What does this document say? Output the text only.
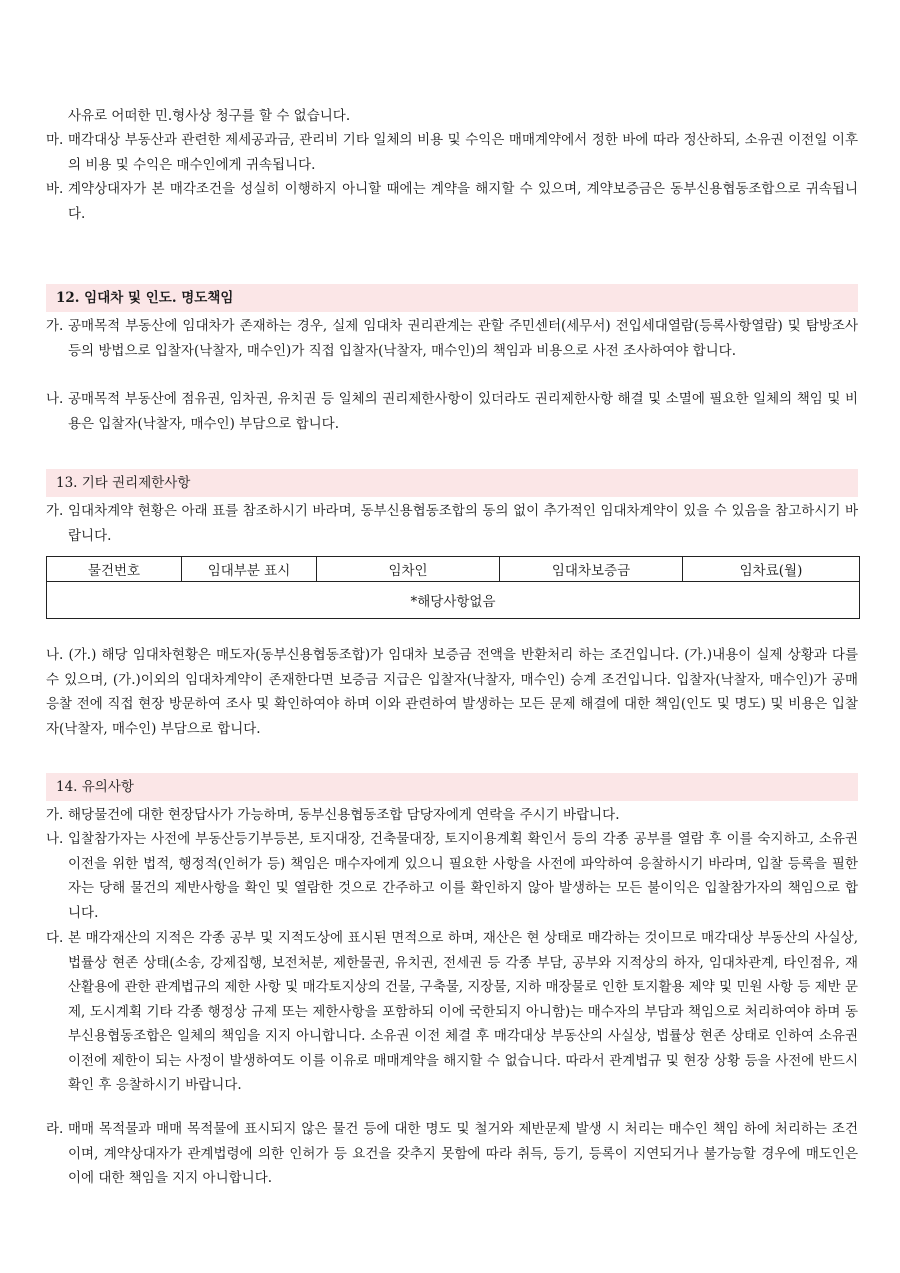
사유로 어떠한 민.형사상 청구를 할 수 없습니다.
마. 매각대상 부동산과 관련한 제세공과금, 관리비 기타 일체의 비용 및 수익은 매매계약에서 정한 바에 따라 정산하되, 소유권 이전일 이후의 비용 및 수익은 매수인에게 귀속됩니다.
바. 계약상대자가 본 매각조건을 성실히 이행하지 아니할 때에는 계약을 해지할 수 있으며, 계약보증금은 동부신용협동조합으로 귀속됩니다.
12. 임대차 및 인도. 명도책임
가. 공매목적 부동산에 임대차가 존재하는 경우, 실제 임대차 권리관계는 관할 주민센터(세무서) 전입세대열람(등록사항열람) 및 탐방조사 등의 방법으로 입찰자(낙찰자, 매수인)가 직접 입찰자(낙찰자, 매수인)의 책임과 비용으로 사전 조사하여야 합니다.
나. 공매목적 부동산에 점유권, 임차권, 유치권 등 일체의 권리제한사항이 있더라도 권리제한사항 해결 및 소멸에 필요한 일체의 책임 및 비용은 입찰자(낙찰자, 매수인) 부담으로 합니다.
13. 기타 권리제한사항
가. 임대차계약 현황은 아래 표를 참조하시기 바라며, 동부신용협동조합의 동의 없이 추가적인 임대차계약이 있을 수 있음을 참고하시기 바랍니다.
물건번호	임대부분 표시	임차인	임대차보증금	임차료(월)
*해당사항없음
나. (가.) 해당 임대차현황은 매도자(동부신용협동조합)가 임대차 보증금 전액을 반환처리 하는 조건입니다. (가.)내용이 실제 상황과 다를 수 있으며, (가.)이외의 임대차계약이 존재한다면 보증금 지급은 입찰자(낙찰자, 매수인) 승계 조건입니다. 입찰자(낙찰자, 매수인)가 공매응찰 전에 직접 현장 방문하여 조사 및 확인하여야 하며 이와 관련하여 발생하는 모든 문제 해결에 대한 책임(인도 및 명도) 및 비용은 입찰자(낙찰자, 매수인) 부담으로 합니다.
14. 유의사항
가. 해당물건에 대한 현장답사가 가능하며, 동부신용협동조합 담당자에게 연락을 주시기 바랍니다.
나. 입찰참가자는 사전에 부동산등기부등본, 토지대장, 건축물대장, 토지이용계획 확인서 등의 각종 공부를 열람 후 이를 숙지하고, 소유권 이전을 위한 법적, 행정적(인허가 등) 책임은 매수자에게 있으니 필요한 사항을 사전에 파악하여 응찰하시기 바라며, 입찰 등록을 필한 자는 당해 물건의 제반사항을 확인 및 열람한 것으로 간주하고 이를 확인하지 않아 발생하는 모든 불이익은 입찰참가자의 책임으로 합니다.
다. 본 매각재산의 지적은 각종 공부 및 지적도상에 표시된 면적으로 하며, 재산은 현 상태로 매각하는 것이므로 매각대상 부동산의 사실상, 법률상 현존 상태(소송, 강제집행, 보전처분, 제한물권, 유치권, 전세권 등 각종 부담, 공부와 지적상의 하자, 임대차관계, 타인점유, 재산활용에 관한 관계법규의 제한 사항 및 매각토지상의 건물, 구축물, 지장물, 지하 매장물로 인한 토지활용 제약 및 민원 사항 등 제반 문제, 도시계획 기타 각종 행정상 규제 또는 제한사항을 포함하되 이에 국한되지 아니함)는 매수자의 부담과 책임으로 처리하여야 하며 동부신용협동조합은 일체의 책임을 지지 아니합니다. 소유권 이전 체결 후 매각대상 부동산의 사실상, 법률상 현존 상태로 인하여 소유권 이전에 제한이 되는 사정이 발생하여도 이를 이유로 매매계약을 해지할 수 없습니다. 따라서 관계법규 및 현장 상황 등을 사전에 반드시 확인 후 응찰하시기 바랍니다.
라. 매매 목적물과 매매 목적물에 표시되지 않은 물건 등에 대한 명도 및 철거와 제반문제 발생 시 처리는 매수인 책임 하에 처리하는 조건이며, 계약상대자가 관계법령에 의한 인허가 등 요건을 갖추지 못함에 따라 취득, 등기, 등록이 지연되거나 불가능할 경우에 매도인은 이에 대한 책임을 지지 아니합니다.
